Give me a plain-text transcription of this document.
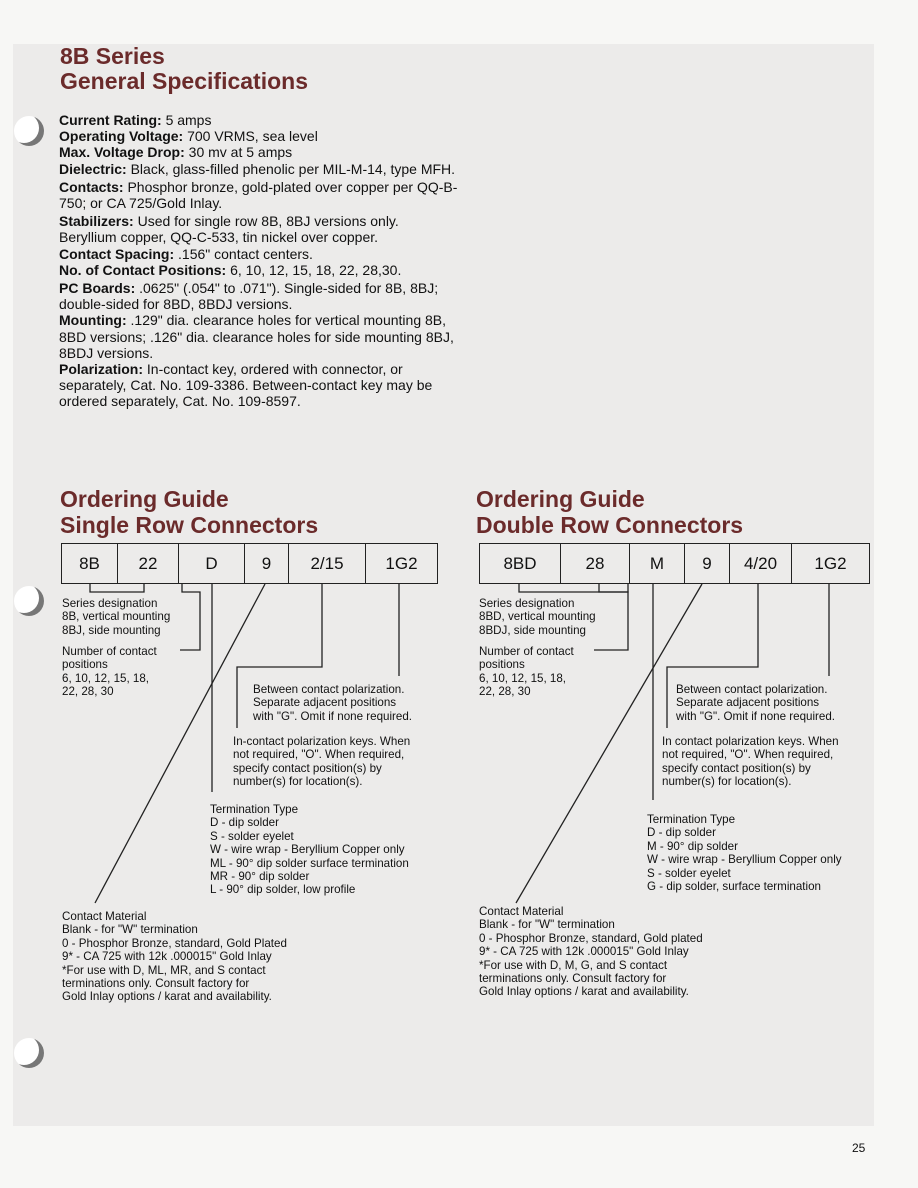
8B Series
General Specifications

Current Rating: 5 amps

Operating Voltage: 700 VRMS, sea level

Max. Voltage Drop: 30 mv at 5 amps

Dielectric: Black, glass-filled phenolic per MIL-M-14, type MFH.

Contacts: Phosphor bronze, gold-plated over copper per QQ-B-750; or CA 725/Gold Inlay.

Stabilizers: Used for single row 8B, 8BJ versions only. Beryllium copper, QQ-C-533, tin nickel over copper.

Contact Spacing: .156" contact centers.

No. of Contact Positions: 6, 10, 12, 15, 18, 22, 28,30.

PC Boards: .0625" (.054" to .071"). Single-sided for 8B, 8BJ; double-sided for 8BD, 8BDJ versions.

Mounting: .129" dia. clearance holes for vertical mounting 8B, 8BD versions; .126" dia. clearance holes for side mounting 8BJ, 8BDJ versions.

Polarization: In-contact key, ordered with connector, or separately, Cat. No. 109-3386. Between-contact key may be ordered separately, Cat. No. 109-8597.

Ordering Guide
Single Row Connectors
8B	22	D	9	2/15	1G2
Ordering Guide
Double Row Connectors
8BD	28	M	9	4/20	1G2

Series designation

8B, vertical mounting

8BJ, side mounting

Number of contact

positions

6, 10, 12, 15, 18,

22, 28, 30	Between contact polarization.

Separate adjacent positions

with "G". Omit if none required.

In-contact polarization keys. When

not required, "O". When required,

specify contact position(s) by

number(s) for location(s).

Termination Type

D - dip solder

S - solder eyelet

W - wire wrap - Beryllium Copper only

ML - 90° dip solder surface termination

MR - 90° dip solder

L - 90° dip solder, low profile

Contact Material

Blank - for "W" termination

0 - Phosphor Bronze, standard, Gold Plated

9* - CA 725 with 12k .000015" Gold Inlay

*For use with D, ML, MR, and S contact

terminations only. Consult factory for

Gold Inlay options / karat and availability.

Series designation

8BD, vertical mounting

8BDJ, side mounting

Number of contact

positions

6, 10, 12, 15, 18,

22, 28, 30	Between contact polarization.

Separate adjacent positions

with "G". Omit if none required.

In contact polarization keys. When

not required, "O". When required,

specify contact position(s) by

number(s) for location(s).

Termination Type

D - dip solder

M - 90° dip solder

W - wire wrap - Beryllium Copper only

S - solder eyelet

G - dip solder, surface termination

Contact Material

Blank - for "W" termination

0 - Phosphor Bronze, standard, Gold plated

9* - CA 725 with 12k .000015" Gold Inlay

*For use with D, M, G, and S contact

terminations only. Consult factory for

Gold Inlay options / karat and availability.

25
